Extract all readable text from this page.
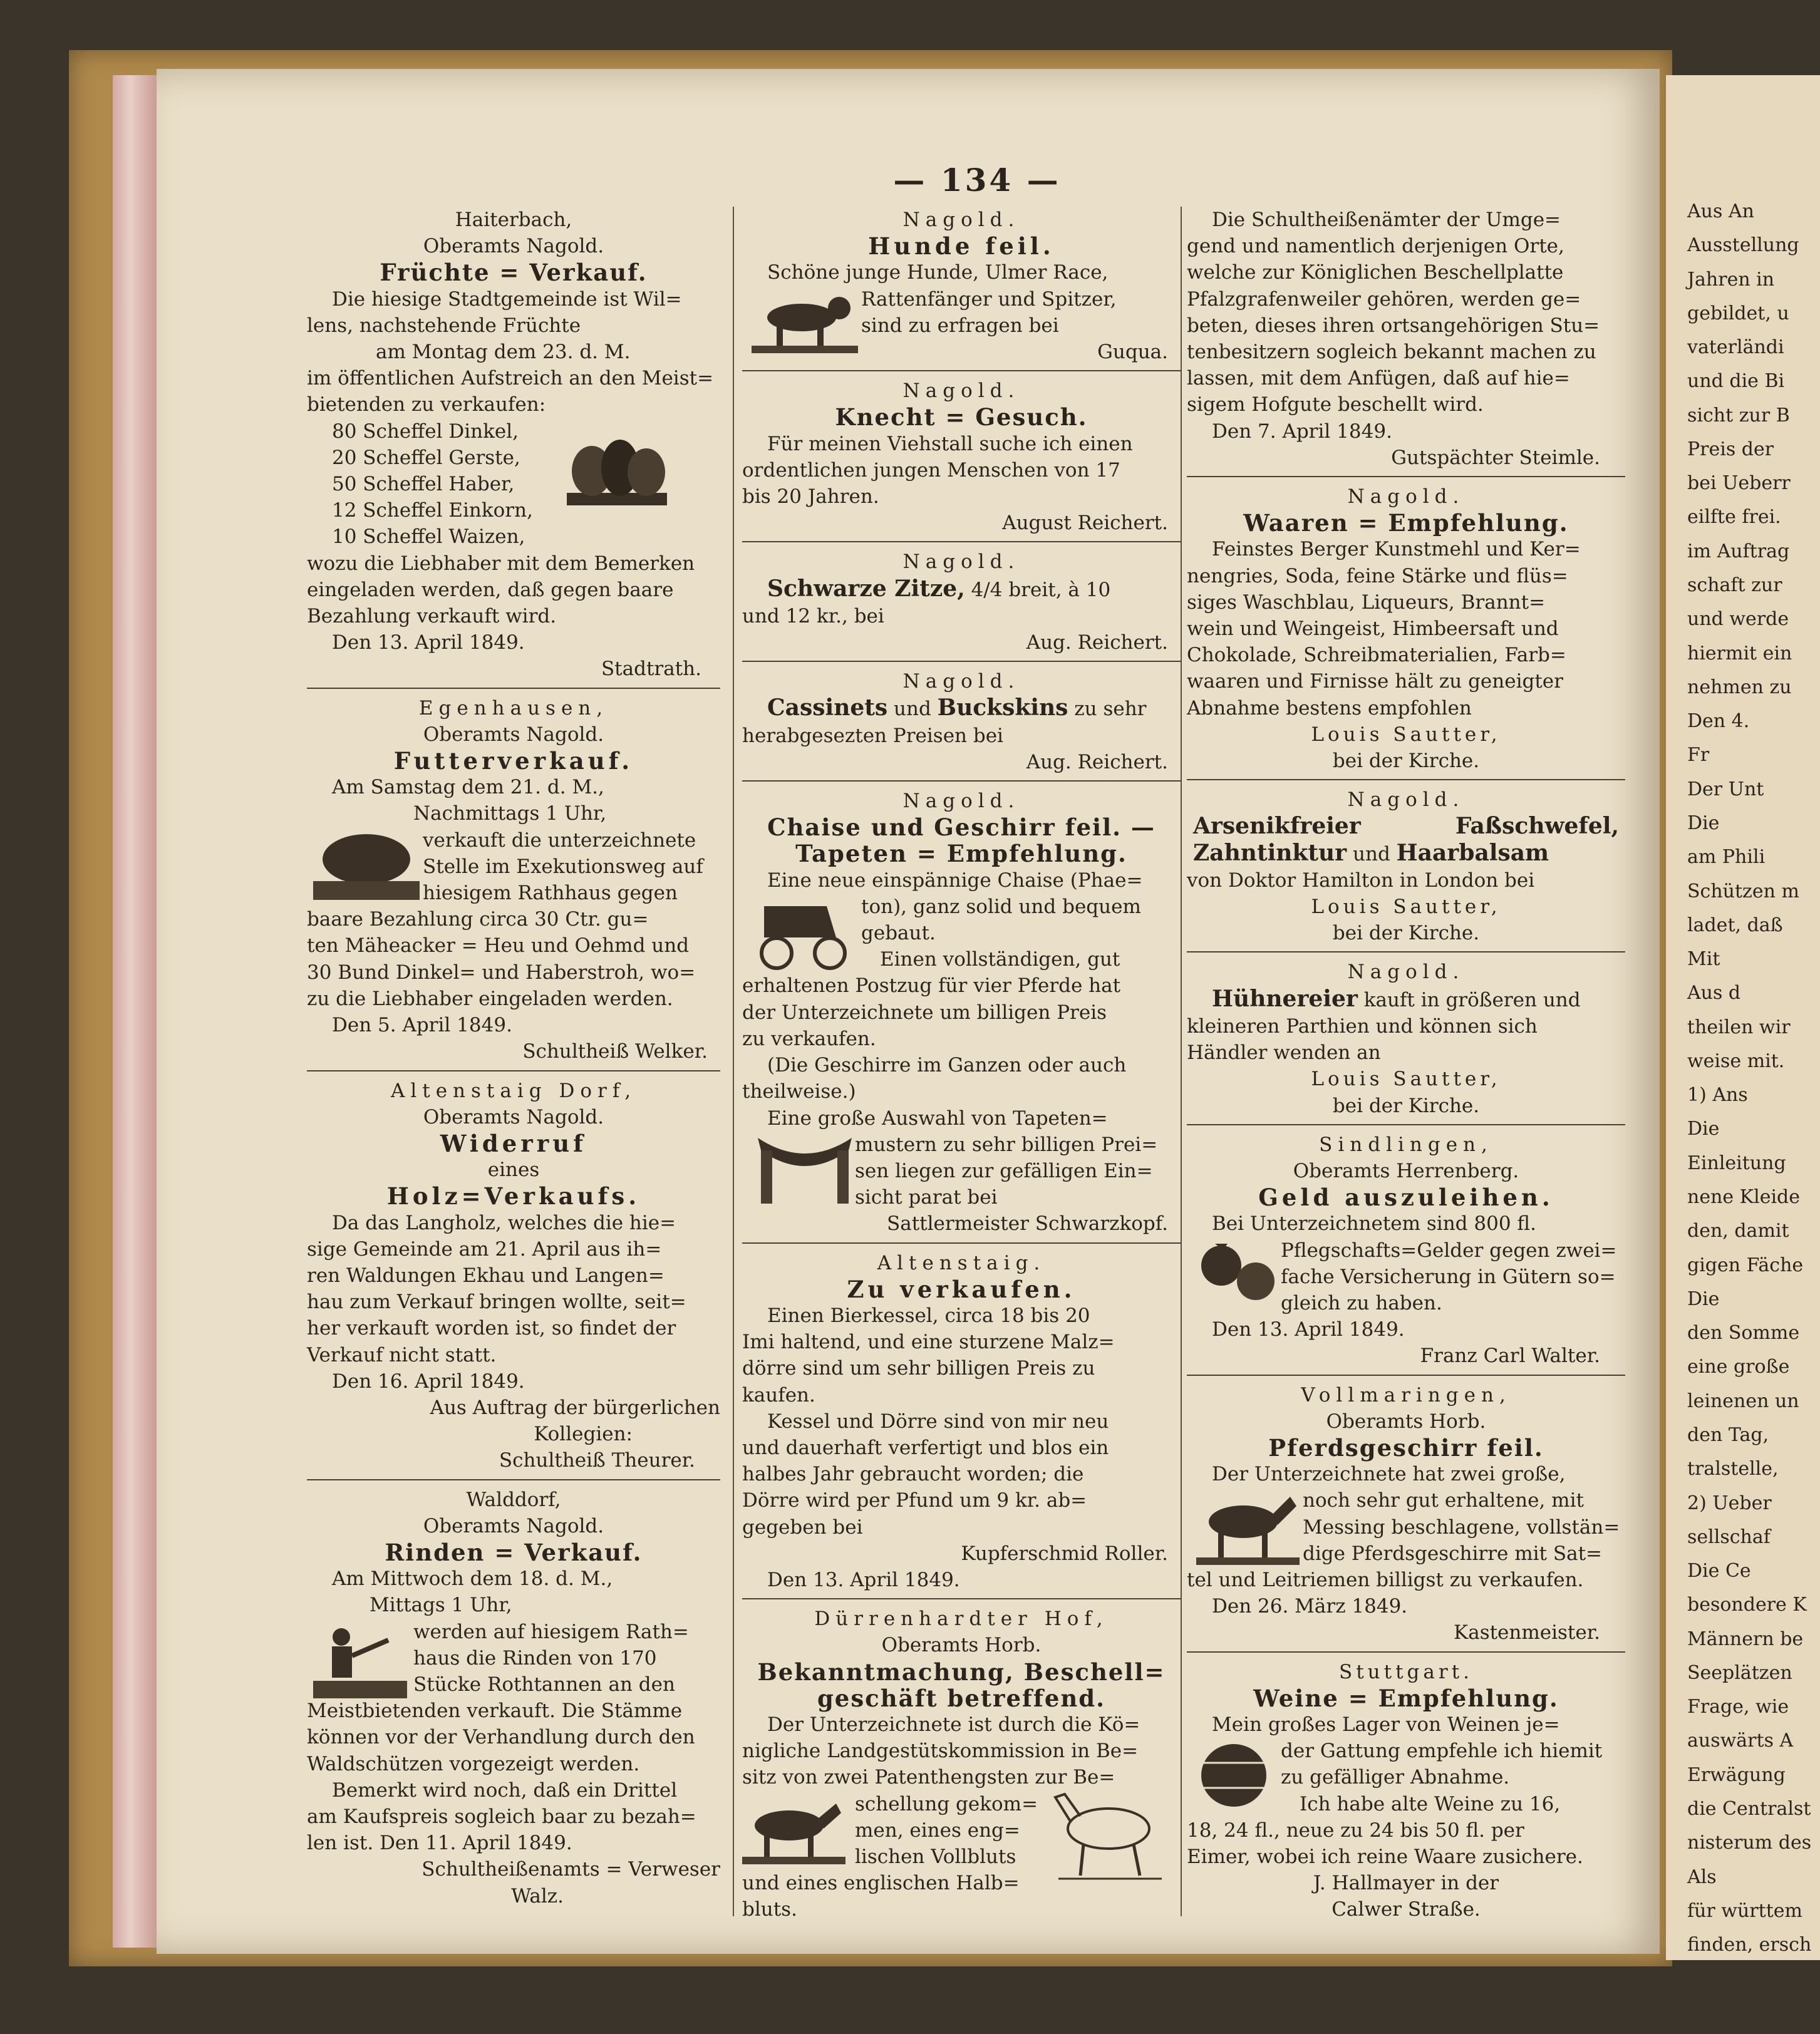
— 134 —

Haiterbach,

Oberamts Nagold.

Früchte = Verkauf.

Die hiesige Stadtgemeinde ist Wil=

lens, nachstehende Früchte

am Montag dem 23. d. M.

im öffentlichen Aufstreich an den Meist=

bietenden zu verkaufen:

80 Scheffel Dinkel,

20 Scheffel Gerste,

50 Scheffel Haber,

12 Scheffel Einkorn,

10 Scheffel Waizen,

wozu die Liebhaber mit dem Bemerken

eingeladen werden, daß gegen baare

Bezahlung verkauft wird.

Den 13. April 1849.

Stadtrath.

Egenhausen,

Oberamts Nagold.

Futterverkauf.

Am Samstag dem 21. d. M.,

Nachmittags 1 Uhr,

verkauft die unterzeichnete

Stelle im Exekutionsweg auf

hiesigem Rathhaus gegen

baare Bezahlung circa 30 Ctr. gu=

ten Mäheacker = Heu und Oehmd und

30 Bund Dinkel= und Haberstroh, wo=

zu die Liebhaber eingeladen werden.

Den 5. April 1849.

Schultheiß Welker.

Altenstaig Dorf,

Oberamts Nagold.

Widerruf

eines

Holz=Verkaufs.

Da das Langholz, welches die hie=

sige Gemeinde am 21. April aus ih=

ren Waldungen Ekhau und Langen=

hau zum Verkauf bringen wollte, seit=

her verkauft worden ist, so findet der

Verkauf nicht statt.

Den 16. April 1849.

Aus Auftrag der bürgerlichen

Kollegien:

Schultheiß Theurer.

Walddorf,

Oberamts Nagold.

Rinden = Verkauf.

Am Mittwoch dem 18. d. M.,

Mittags 1 Uhr,

werden auf hiesigem Rath=

haus die Rinden von 170

Stücke Rothtannen an den

Meistbietenden verkauft. Die Stämme

können vor der Verhandlung durch den

Waldschützen vorgezeigt werden.

Bemerkt wird noch, daß ein Drittel

am Kaufspreis sogleich baar zu bezah=

len ist. Den 11. April 1849.

Schultheißenamts = Verweser

Walz.

Nagold.

Hunde feil.

Schöne junge Hunde, Ulmer Race,

Rattenfänger und Spitzer,

sind zu erfragen bei

Guqua.

Nagold.

Knecht = Gesuch.

Für meinen Viehstall suche ich einen

ordentlichen jungen Menschen von 17

bis 20 Jahren.

August Reichert.

Nagold.

Schwarze Zitze, 4/4 breit, à 10

und 12 kr., bei

Aug. Reichert.

Nagold.

Cassinets und Buckskins zu sehr

herabgesezten Preisen bei

Aug. Reichert.

Nagold.

Chaise und Geschirr feil. —

Tapeten = Empfehlung.

Eine neue einspännige Chaise (Phae=

ton), ganz solid und bequem

gebaut.

Einen vollständigen, gut

erhaltenen Postzug für vier Pferde hat

der Unterzeichnete um billigen Preis

zu verkaufen.

(Die Geschirre im Ganzen oder auch

theilweise.)

Eine große Auswahl von Tapeten=

mustern zu sehr billigen Prei=

sen liegen zur gefälligen Ein=

sicht parat bei

Sattlermeister Schwarzkopf.

Altenstaig.

Zu verkaufen.

Einen Bierkessel, circa 18 bis 20

Imi haltend, und eine sturzene Malz=

dörre sind um sehr billigen Preis zu

kaufen.

Kessel und Dörre sind von mir neu

und dauerhaft verfertigt und blos ein

halbes Jahr gebraucht worden; die

Dörre wird per Pfund um 9 kr. ab=

gegeben bei

Kupferschmid Roller.

Den 13. April 1849.

Dürrenhardter Hof,

Oberamts Horb.

Bekanntmachung, Beschell=

geschäft betreffend.

Der Unterzeichnete ist durch die Kö=

nigliche Landgestütskommission in Be=

sitz von zwei Patenthengsten zur Be=

schellung gekom=

men, eines eng=

lischen Vollbluts

und eines englischen Halb=

bluts.

Die Schultheißenämter der Umge=

gend und namentlich derjenigen Orte,

welche zur Königlichen Beschellplatte

Pfalzgrafenweiler gehören, werden ge=

beten, dieses ihren ortsangehörigen Stu=

tenbesitzern sogleich bekannt machen zu

lassen, mit dem Anfügen, daß auf hie=

sigem Hofgute beschellt wird.

Den 7. April 1849.

Gutspächter Steimle.

Nagold.

Waaren = Empfehlung.

Feinstes Berger Kunstmehl und Ker=

nengries, Soda, feine Stärke und flüs=

siges Waschblau, Liqueurs, Brannt=

wein und Weingeist, Himbeersaft und

Chokolade, Schreibmaterialien, Farb=

waaren und Firnisse hält zu geneigter

Abnahme bestens empfohlen

Louis Sautter,

bei der Kirche.

Nagold.

Arsenikfreier	Faßschwefel,

Zahntinktur und Haarbalsam

von Doktor Hamilton in London bei

Louis Sautter,

bei der Kirche.

Nagold.

Hühnereier kauft in größeren und

kleineren Parthien und können sich

Händler wenden an

Louis Sautter,

bei der Kirche.

Sindlingen,

Oberamts Herrenberg.

Geld auszuleihen.

Bei Unterzeichnetem sind 800 fl.

Pflegschafts=Gelder gegen zwei=

fache Versicherung in Gütern so=

gleich zu haben.

Den 13. April 1849.

Franz Carl Walter.

Vollmaringen,

Oberamts Horb.

Pferdsgeschirr feil.

Der Unterzeichnete hat zwei große,

noch sehr gut erhaltene, mit

Messing beschlagene, vollstän=

dige Pferdsgeschirre mit Sat=

tel und Leitriemen billigst zu verkaufen.

Den 26. März 1849.

Kastenmeister.

Stuttgart.

Weine = Empfehlung.

Mein großes Lager von Weinen je=

der Gattung empfehle ich hiemit

zu gefälliger Abnahme.

Ich habe alte Weine zu 16,

18, 24 fl., neue zu 24 bis 50 fl. per

Eimer, wobei ich reine Waare zusichere.

J. Hallmayer in der

Calwer Straße.

Aus An
Ausstellung
Jahren in
gebildet, u
vaterländi
und die Bi
sicht zur B
Preis der
bei Ueberr
eilfte frei.
im Auftrag
schaft zur
und werde
hiermit ein
nehmen zu
Den 4.
Fr
Der Unt
Die
am Phili
Schützen m
ladet, daß
Mit
Aus d
theilen wir
weise mit.
1) Ans
Die
Einleitung
nene Kleide
den, damit
gigen Fäche
Die
den Somme
eine große
leinenen un
den Tag,
tralstelle,
2) Ueber
sellschaf
Die Ce
besondere K
Männern be
Seeplätzen
Frage, wie
auswärts A
Erwägung
die Centralst
nisterum des
Als
für württem
finden, ersch
